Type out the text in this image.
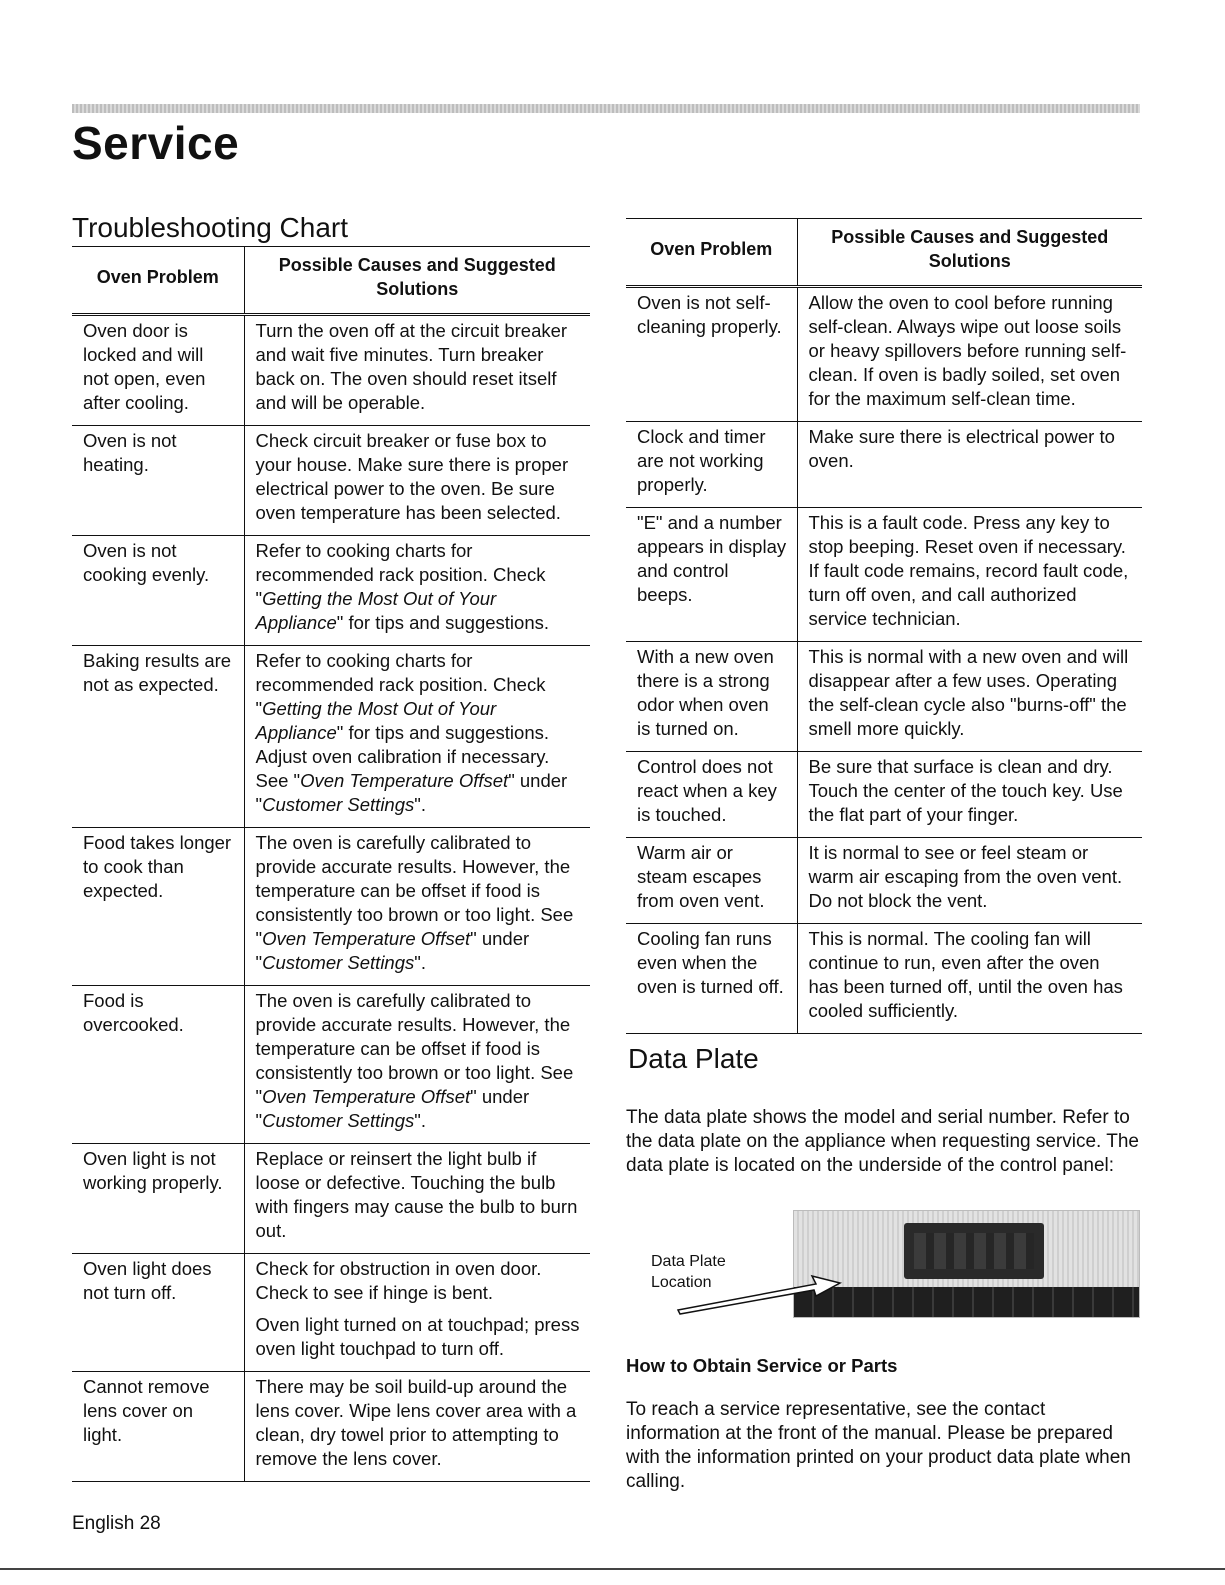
Service
Troubleshooting Chart
Oven Problem	Possible Causes and Suggested Solutions
Oven door is locked and will not open, even after cooling.	Turn the oven off at the circuit breaker and wait five minutes. Turn breaker back on. The oven should reset itself and will be operable.

Oven is not heating.	Check circuit breaker or fuse box to your house. Make sure there is proper electrical power to the oven. Be sure oven temperature has been selected.

Oven is not cooking evenly.	Refer to cooking charts for recommended rack position. Check "Getting the Most Out of Your Appliance" for tips and suggestions.

Baking results are not as expected.	Refer to cooking charts for recommended rack position. Check "Getting the Most Out of Your Appliance" for tips and suggestions. Adjust oven calibration if necessary. See "Oven Temperature Offset" under "Customer Settings".

Food takes longer to cook than expected.	The oven is carefully calibrated to provide accurate results. However, the temperature can be offset if food is consistently too brown or too light. See "Oven Temperature Offset" under "Customer Settings".

Food is overcooked.	The oven is carefully calibrated to provide accurate results. However, the temperature can be offset if food is consistently too brown or too light. See "Oven Temperature Offset" under "Customer Settings".

Oven light is not working properly.	Replace or reinsert the light bulb if loose or defective. Touching the bulb with fingers may cause the bulb to burn out.

Oven light does not turn off.	Check for obstruction in oven door. Check to see if hinge is bent.
Oven light turned on at touchpad; press oven light touchpad to turn off.

Cannot remove lens cover on light.	There may be soil build-up around the lens cover. Wipe lens cover area with a clean, dry towel prior to attempting to remove the lens cover.
Oven Problem	Possible Causes and Suggested Solutions
Oven is not self-cleaning properly.	Allow the oven to cool before running self-clean. Always wipe out loose soils or heavy spillovers before running self-clean. If oven is badly soiled, set oven for the maximum self-clean time.

Clock and timer are not working properly.	Make sure there is electrical power to oven.

"E" and a number appears in display and control beeps.	This is a fault code. Press any key to stop beeping. Reset oven if necessary. If fault code remains, record fault code, turn off oven, and call authorized service technician.

With a new oven there is a strong odor when oven is turned on.	This is normal with a new oven and will disappear after a few uses. Operating the self-clean cycle also "burns-off" the smell more quickly.

Control does not react when a key is touched.	Be sure that surface is clean and dry. Touch the center of the touch key. Use the flat part of your finger.

Warm air or steam escapes from oven vent.	It is normal to see or feel steam or warm air escaping from the oven vent. Do not block the vent.

Cooling fan runs even when the oven is turned off.	This is normal. The cooling fan will continue to run, even after the oven has been turned off, until the oven has cooled sufficiently.
Data Plate

The data plate shows the model and serial number. Refer to the data plate on the appliance when requesting service. The data plate is located on the underside of the control panel:

Data Plate
Location
How to Obtain Service or Parts

To reach a service representative, see the contact information at the front of the manual. Please be prepared with the information printed on your product data plate when calling.

English 28
